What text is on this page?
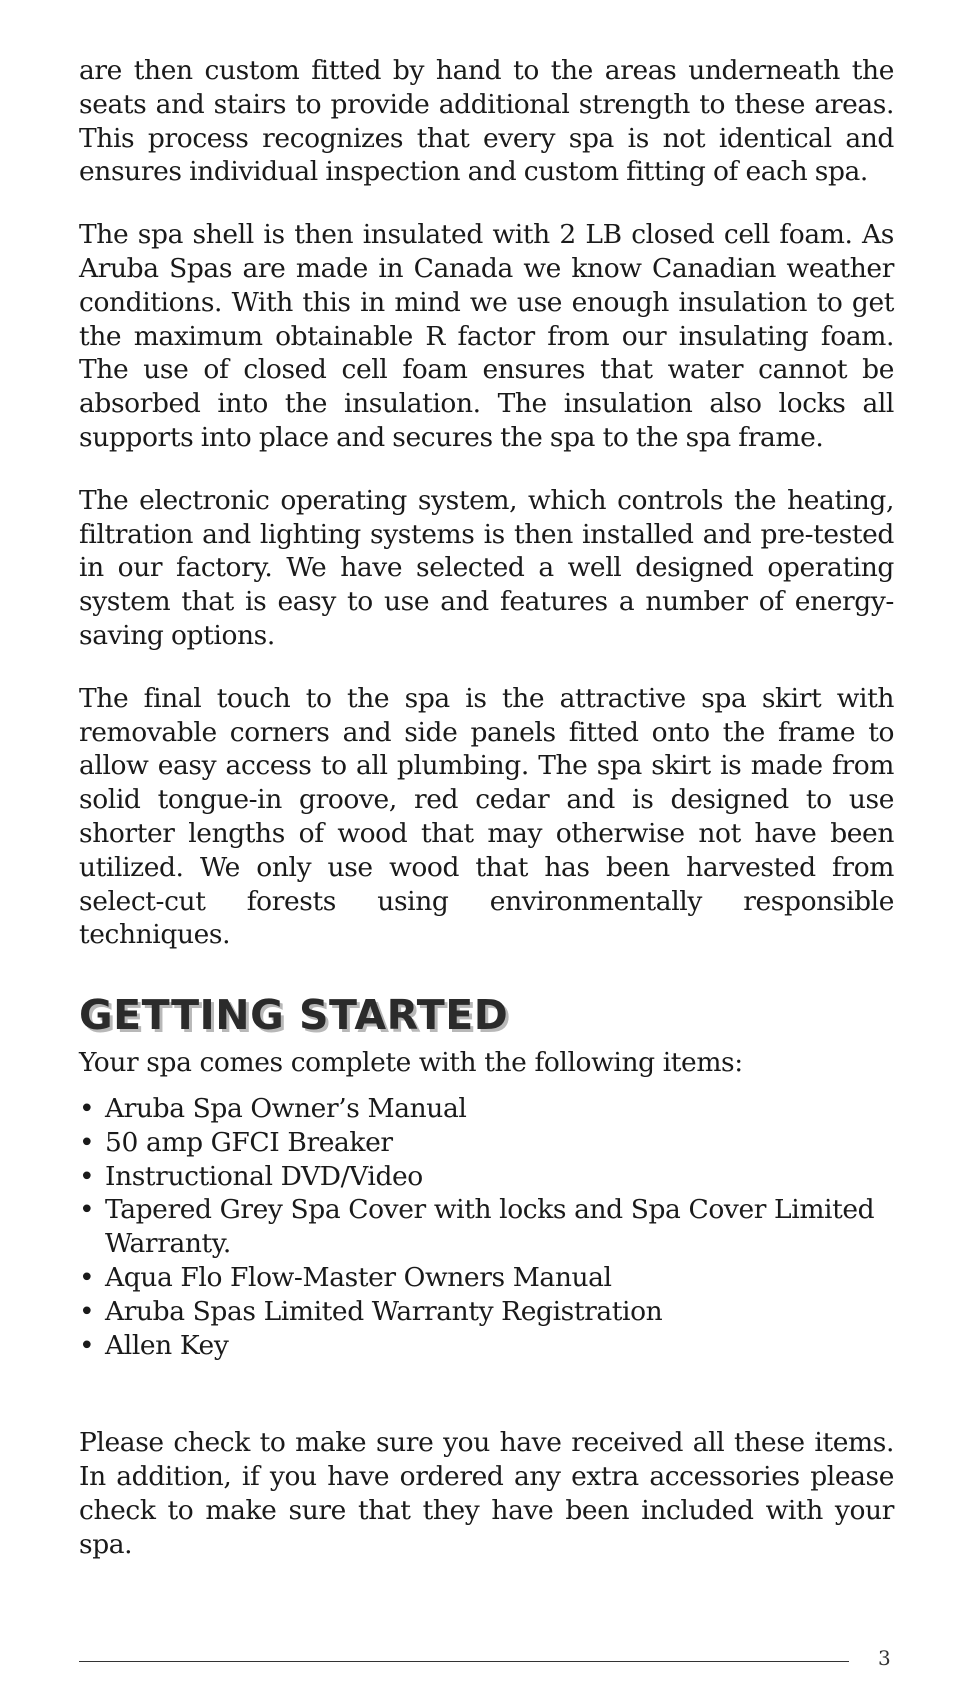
are then custom fitted by hand to the areas underneath the seats and stairs to provide additional strength to these areas. This process recognizes that every spa is not identical and ensures individual inspection and custom fitting of each spa.

The spa shell is then insulated with 2 LB closed cell foam. As Aruba Spas are made in Canada we know Canadian weather conditions. With this in mind we use enough insulation to get the maximum obtainable R factor from our insulating foam. The use of closed cell foam ensures that water cannot be absorbed into the insulation. The insulation also locks all supports into place and secures the spa to the spa frame.

The electronic operating system, which controls the heating, filtration and lighting systems is then installed and pre-tested in our factory. We have selected a well designed operating system that is easy to use and features a number of energy-saving options.

The final touch to the spa is the attractive spa skirt with removable corners and side panels fitted onto the frame to allow easy access to all plumbing. The spa skirt is made from solid tongue-in groove, red cedar and is designed to use shorter lengths of wood that may otherwise not have been utilized. We only use wood that has been harvested from select-cut forests using environmentally responsible techniques.

GETTING STARTED

Your spa comes complete with the following items:

• Aruba Spa Owner’s Manual
• 50 amp GFCI Breaker
• Instructional DVD/Video
• Tapered Grey Spa Cover with locks and Spa Cover Limited Warranty.
• Aqua Flo Flow-Master Owners Manual
• Aruba Spas Limited Warranty Registration
• Allen Key

Please check to make sure you have received all these items. In addition, if you have ordered any extra accessories please check to make sure that they have been included with your spa.

3
